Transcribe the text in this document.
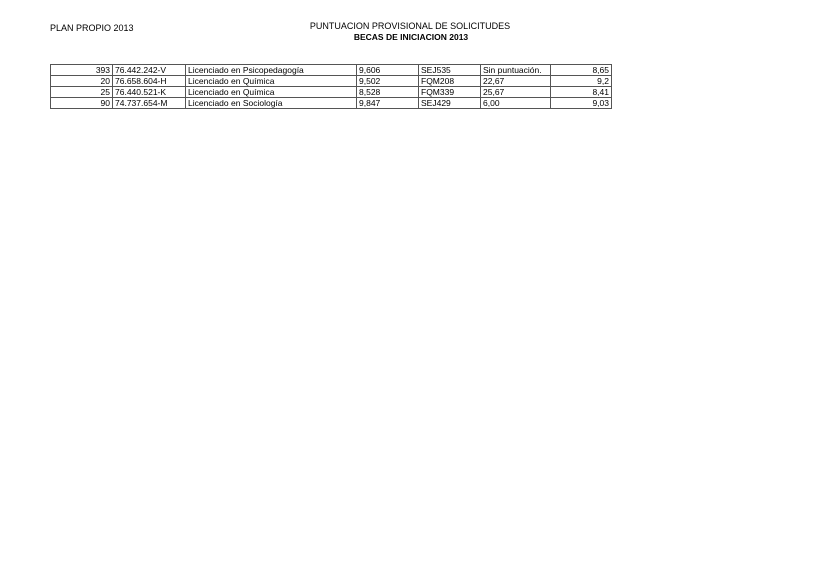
PLAN PROPIO 2013	PUNTUACION PROVISIONAL DE SOLICITUDES
BECAS DE INICIACION 2013
393	76.442.242-V	Licenciado en Psicopedagogía	9,606	SEJ535	Sin puntuación.	8,65
20	76.658.604-H	Licenciado en Química	9,502	FQM208	22,67	9,2
25	76.440.521-K	Licenciado en Química	8,528	FQM339	25,67	8,41
90	74.737.654-M	Licenciado en Sociología	9,847	SEJ429	6,00	9,03
